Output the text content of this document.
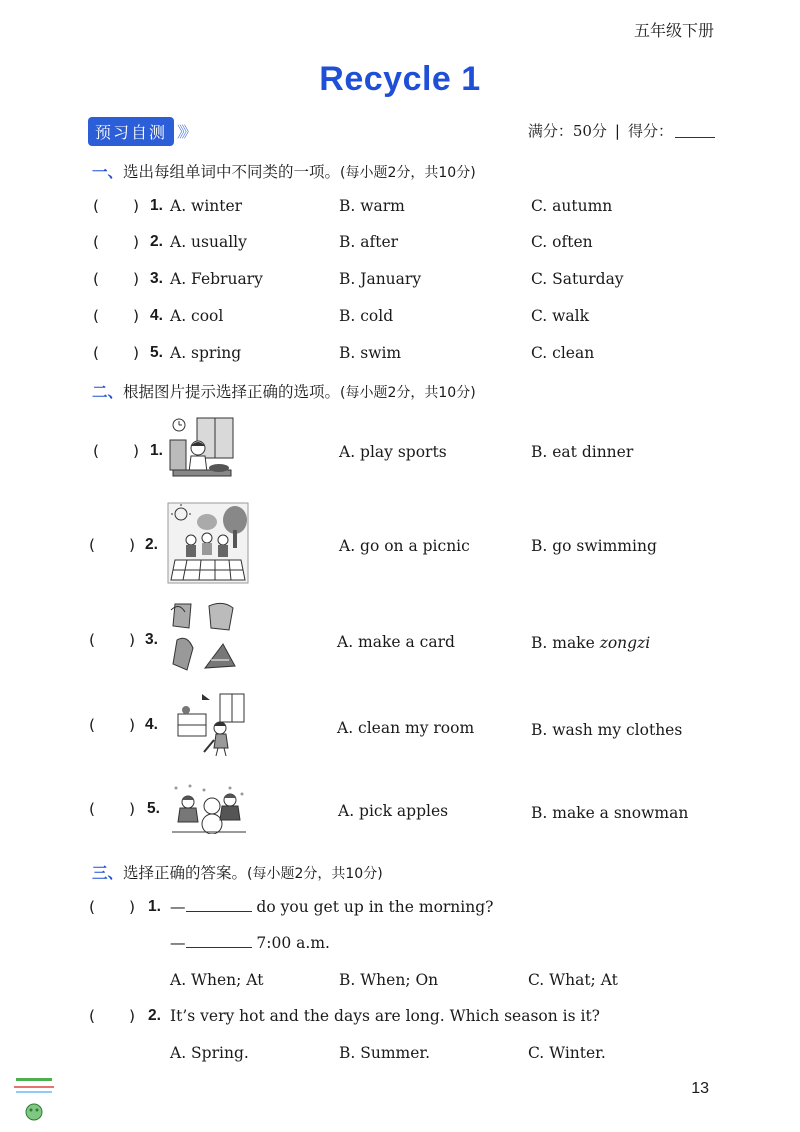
五年级下册
Recycle 1
预习自测 》》	满分：50分 | 得分：
一、选出每组单词中不同类的一项。(每小题2分，共10分)
( ) 1. A. winter	B. warm	C. autumn
( ) 2. A. usually	B. after	C. often
( ) 3. A. February	B. January	C. Saturday
( ) 4. A. cool	B. cold	C. walk
( ) 5. A. spring	B. swim	C. clean
二、根据图片提示选择正确的选项。(每小题2分，共10分)
( ) 1.	A. play sports	B. eat dinner
( ) 2.	A. go on a picnic	B. go swimming
( ) 3.	A. make a card	B. make zongzi
( ) 4.	A. clean my room	B. wash my clothes
( ) 5.	A. pick apples	B. make a snowman
三、选择正确的答案。(每小题2分，共10分)
( ) 1. —	do you get up in the morning?
—	7:00 a.m.
A. When; At	B. When; On	C. What; At
( ) 2. It’s very hot and the days are long. Which season is it?
A. Spring.	B. Summer.	C. Winter.
13
